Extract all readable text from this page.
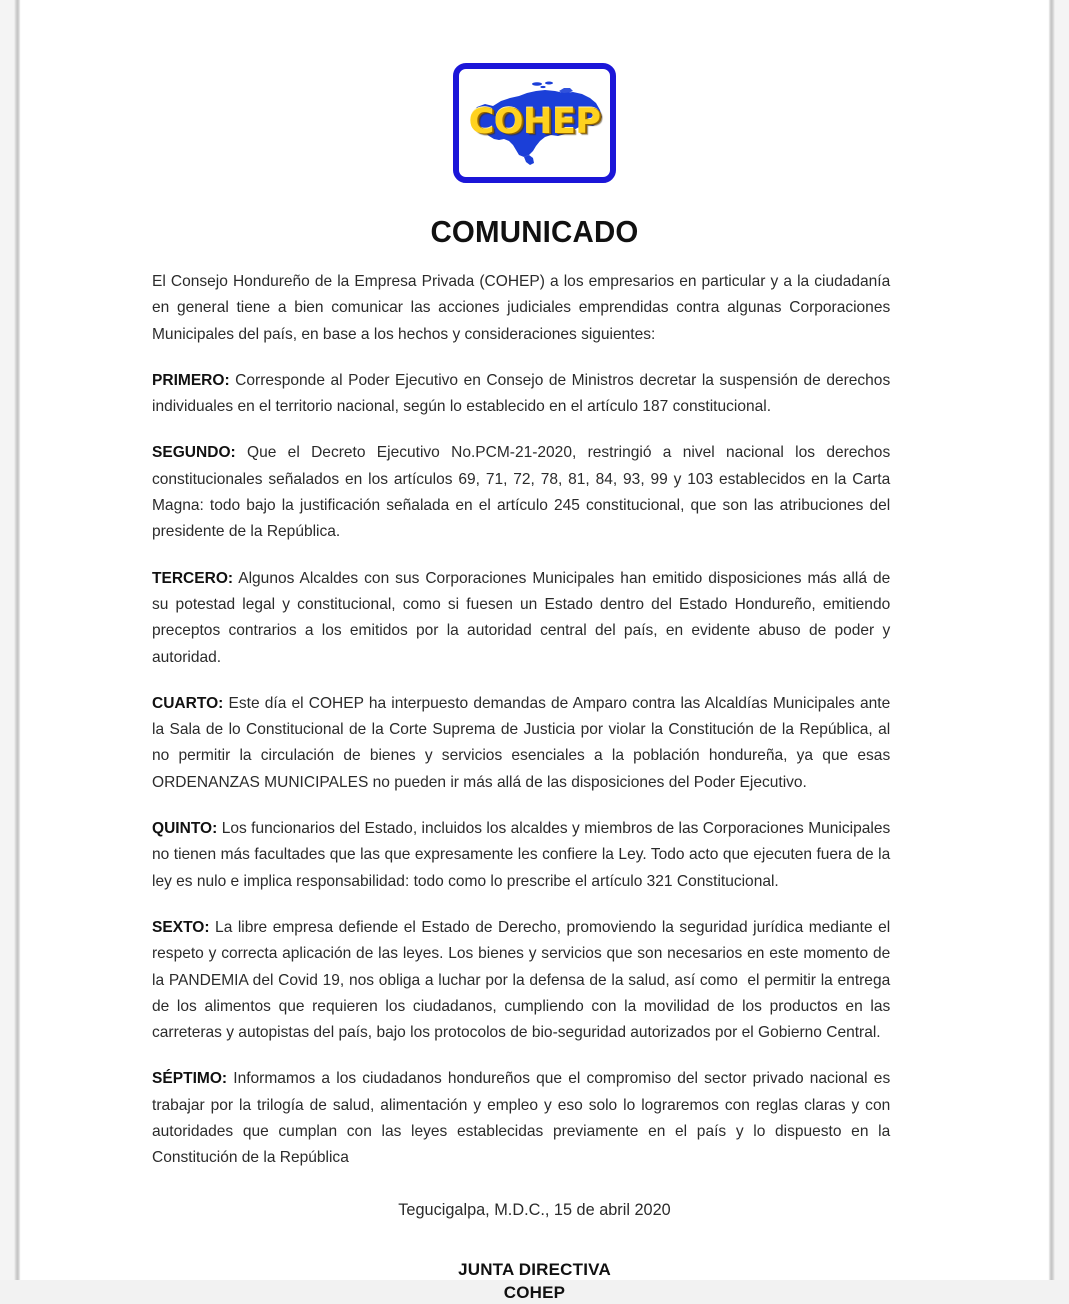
COHEP
COMUNICADO

El Consejo Hondureño de la Empresa Privada (COHEP) a los empresarios en particular y a la ciudadanía en general tiene a bien comunicar las acciones judiciales emprendidas contra algunas Corporaciones Municipales del país, en base a los hechos y consideraciones siguientes:

PRIMERO: Corresponde al Poder Ejecutivo en Consejo de Ministros decretar la suspensión de derechos individuales en el territorio nacional, según lo establecido en el artículo 187 constitucional.

SEGUNDO: Que el Decreto Ejecutivo No.PCM-21-2020, restringió a nivel nacional los derechos constitucionales señalados en los artículos 69, 71, 72, 78, 81, 84, 93, 99 y 103 establecidos en la Carta Magna: todo bajo la justificación señalada en el artículo 245 constitucional, que son las atribuciones del presidente de la República.

TERCERO: Algunos Alcaldes con sus Corporaciones Municipales han emitido disposiciones más allá de su potestad legal y constitucional, como si fuesen un Estado dentro del Estado Hondureño, emitiendo preceptos contrarios a los emitidos por la autoridad central del país, en evidente abuso de poder y autoridad.

CUARTO: Este día el COHEP ha interpuesto demandas de Amparo contra las Alcaldías Municipales ante la Sala de lo Constitucional de la Corte Suprema de Justicia por violar la Constitución de la República, al no permitir la circulación de bienes y servicios esenciales a la población hondureña, ya que esas ORDENANZAS MUNICIPALES no pueden ir más allá de las disposiciones del Poder Ejecutivo.

QUINTO: Los funcionarios del Estado, incluidos los alcaldes y miembros de las Corporaciones Municipales no tienen más facultades que las que expresamente les confiere la Ley. Todo acto que ejecuten fuera de la ley es nulo e implica responsabilidad: todo como lo prescribe el artículo 321 Constitucional.

SEXTO: La libre empresa defiende el Estado de Derecho, promoviendo la seguridad jurídica mediante el respeto y correcta aplicación de las leyes. Los bienes y servicios que son necesarios en este momento de la PANDEMIA del Covid 19, nos obliga a luchar por la defensa de la salud, así como  el permitir la entrega de los alimentos que requieren los ciudadanos, cumpliendo con la movilidad de los productos en las carreteras y autopistas del país, bajo los protocolos de bio-seguridad autorizados por el Gobierno Central.

SÉPTIMO: Informamos a los ciudadanos hondureños que el compromiso del sector privado nacional es trabajar por la trilogía de salud, alimentación y empleo y eso solo lo lograremos con reglas claras y con autoridades que cumplan con las leyes establecidas previamente en el país y lo dispuesto en la Constitución de la República

Tegucigalpa, M.D.C., 15 de abril 2020
JUNTA DIRECTIVA
COHEP
